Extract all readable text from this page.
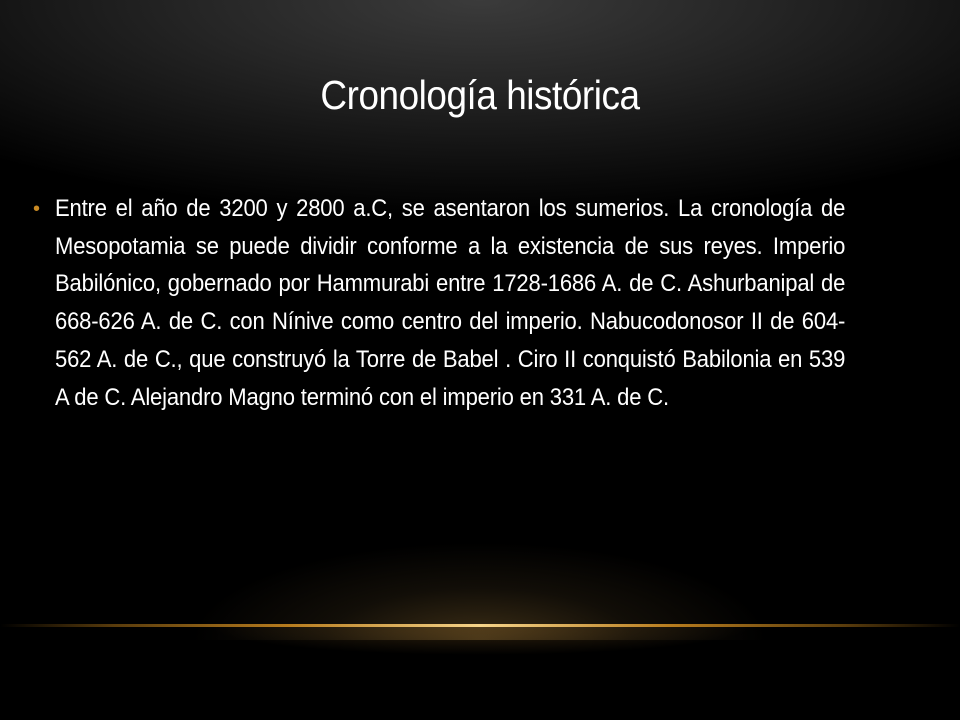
Cronología histórica
• Entre el año de 3200 y 2800 a.C, se asentaron los sumerios. La cronología de Mesopotamia se puede dividir conforme a la existencia de sus reyes. Imperio Babilónico, gobernado por Hammurabi entre 1728-1686 A. de C. Ashurbanipal de 668-626 A. de C. con Nínive como centro del imperio. Nabucodonosor II de 604-562 A. de C., que construyó la Torre de Babel . Ciro II conquistó Babilonia en 539 A de C. Alejandro Magno terminó con el imperio en 331 A. de C.
